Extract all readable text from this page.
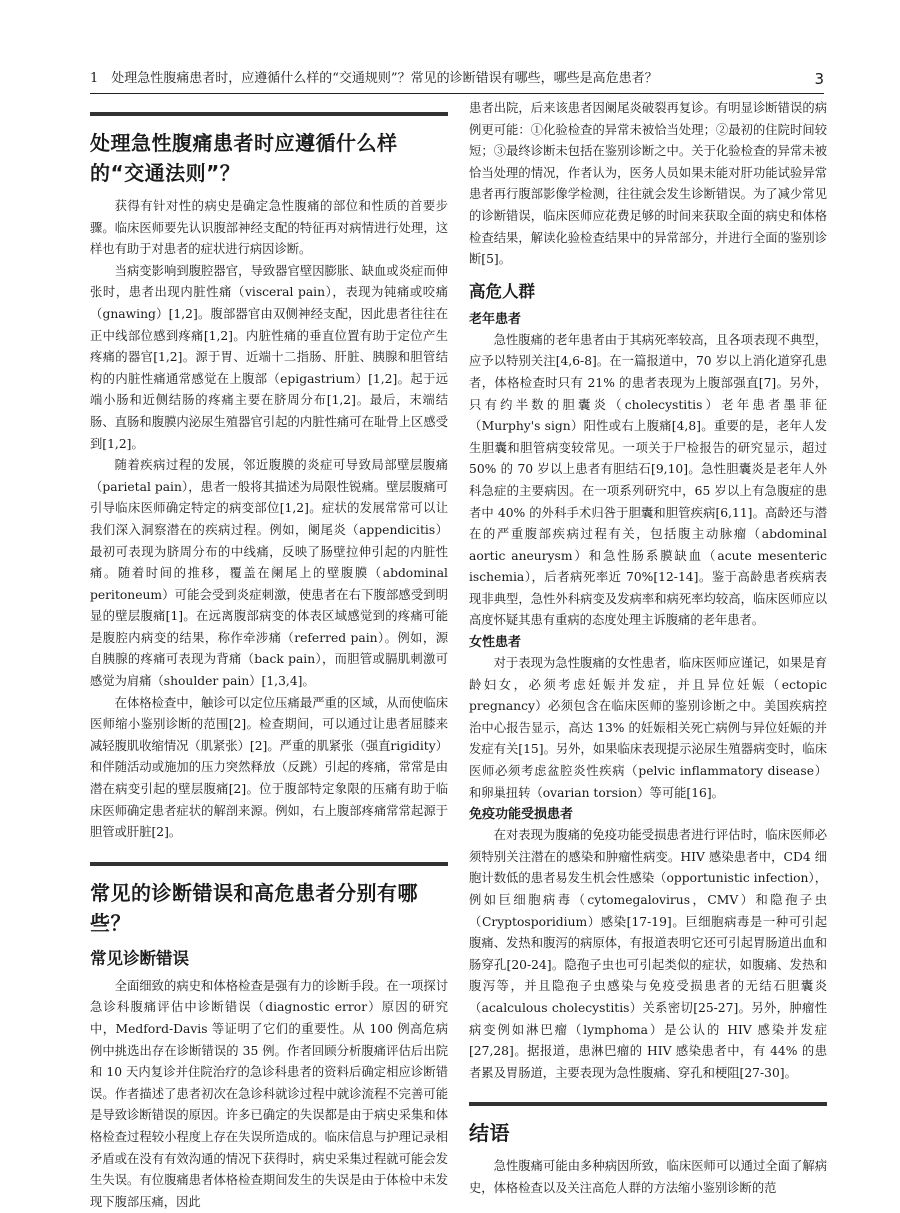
1　处理急性腹痛患者时，应遵循什么样的“交通规则”？常见的诊断错误有哪些，哪些是高危患者？	3
处理急性腹痛患者时应遵循什么样的“交通法则”？

获得有针对性的病史是确定急性腹痛的部位和性质的首要步骤。临床医师要先认识腹部神经支配的特征再对病情进行处理，这样也有助于对患者的症状进行病因诊断。

当病变影响到腹腔器官，导致器官壁因膨胀、缺血或炎症而伸张时，患者出现内脏性痛（visceral pain），表现为钝痛或咬痛（gnawing）[1,2]。腹部器官由双侧神经支配，因此患者往往在正中线部位感到疼痛[1,2]。内脏性痛的垂直位置有助于定位产生疼痛的器官[1,2]。源于胃、近端十二指肠、肝脏、胰腺和胆管结构的内脏性痛通常感觉在上腹部（epigastrium）[1,2]。起于远端小肠和近侧结肠的疼痛主要在脐周分布[1,2]。最后，末端结肠、直肠和腹膜内泌尿生殖器官引起的内脏性痛可在耻骨上区感受到[1,2]。

随着疾病过程的发展，邻近腹膜的炎症可导致局部壁层腹痛（parietal pain），患者一般将其描述为局限性锐痛。壁层腹痛可引导临床医师确定特定的病变部位[1,2]。症状的发展常常可以让我们深入洞察潜在的疾病过程。例如，阑尾炎（appendicitis）最初可表现为脐周分布的中线痛，反映了肠壁拉伸引起的内脏性痛。随着时间的推移，覆盖在阑尾上的壁腹膜（abdominal peritoneum）可能会受到炎症刺激，使患者在右下腹部感受到明显的壁层腹痛[1]。在远离腹部病变的体表区域感觉到的疼痛可能是腹腔内病变的结果，称作牵涉痛（referred pain）。例如，源自胰腺的疼痛可表现为背痛（back pain），而胆管或膈肌刺激可感觉为肩痛（shoulder pain）[1,3,4]。

在体格检查中，触诊可以定位压痛最严重的区域，从而使临床医师缩小鉴别诊断的范围[2]。检查期间，可以通过让患者屈膝来减轻腹肌收缩情况（肌紧张）[2]。严重的肌紧张（强直rigidity）和伴随活动或施加的压力突然释放（反跳）引起的疼痛，常常是由潜在病变引起的壁层腹痛[2]。位于腹部特定象限的压痛有助于临床医师确定患者症状的解剖来源。例如，右上腹部疼痛常常起源于胆管或肝脏[2]。

常见的诊断错误和高危患者分别有哪些？
常见诊断错误

全面细致的病史和体格检查是强有力的诊断手段。在一项探讨急诊科腹痛评估中诊断错误（diagnostic error）原因的研究中，Medford-Davis 等证明了它们的重要性。从 100 例高危病例中挑选出存在诊断错误的 35 例。作者回顾分析腹痛评估后出院和 10 天内复诊并住院治疗的急诊科患者的资料后确定相应诊断错误。作者描述了患者初次在急诊科就诊过程中就诊流程不完善可能是导致诊断错误的原因。许多已确定的失误都是由于病史采集和体格检查过程较小程度上存在失误所造成的。临床信息与护理记录相矛盾或在没有有效沟通的情况下获得时，病史采集过程就可能会发生失误。有位腹痛患者体格检查期间发生的失误是由于体检中未发现下腹部压痛，因此

患者出院，后来该患者因阑尾炎破裂再复诊。有明显诊断错误的病例更可能：①化验检查的异常未被恰当处理；②最初的住院时间较短；③最终诊断未包括在鉴别诊断之中。关于化验检查的异常未被恰当处理的情况，作者认为，医务人员如果未能对肝功能试验异常患者再行腹部影像学检测，往往就会发生诊断错误。为了减少常见的诊断错误，临床医师应花费足够的时间来获取全面的病史和体格检查结果，解读化验检查结果中的异常部分，并进行全面的鉴别诊断[5]。

高危人群
老年患者

急性腹痛的老年患者由于其病死率较高，且各项表现不典型，应予以特别关注[4,6-8]。在一篇报道中，70 岁以上消化道穿孔患者，体格检查时只有 21% 的患者表现为上腹部强直[7]。另外，只有约半数的胆囊炎（cholecystitis）老年患者墨菲征（Murphy's sign）阳性或右上腹痛[4,8]。重要的是，老年人发生胆囊和胆管病变较常见。一项关于尸检报告的研究显示，超过 50% 的 70 岁以上患者有胆结石[9,10]。急性胆囊炎是老年人外科急症的主要病因。在一项系列研究中，65 岁以上有急腹症的患者中 40% 的外科手术归咎于胆囊和胆管疾病[6,11]。高龄还与潜在的严重腹部疾病过程有关，包括腹主动脉瘤（abdominal aortic aneurysm）和急性肠系膜缺血（acute mesenteric ischemia），后者病死率近 70%[12-14]。鉴于高龄患者疾病表现非典型，急性外科病变及发病率和病死率均较高，临床医师应以高度怀疑其患有重病的态度处理主诉腹痛的老年患者。

女性患者

对于表现为急性腹痛的女性患者，临床医师应谨记，如果是育龄妇女，必须考虑妊娠并发症，并且异位妊娠（ectopic pregnancy）必须包含在临床医师的鉴别诊断之中。美国疾病控治中心报告显示，高达 13% 的妊娠相关死亡病例与异位妊娠的并发症有关[15]。另外，如果临床表现提示泌尿生殖器病变时，临床医师必须考虑盆腔炎性疾病（pelvic inflammatory disease）和卵巢扭转（ovarian torsion）等可能[16]。

免疫功能受损患者

在对表现为腹痛的免疫功能受损患者进行评估时，临床医师必须特别关注潜在的感染和肿瘤性病变。HIV 感染患者中，CD4 细胞计数低的患者易发生机会性感染（opportunistic infection），例如巨细胞病毒（cytomegalovirus，CMV）和隐孢子虫（Cryptosporidium）感染[17-19]。巨细胞病毒是一种可引起腹痛、发热和腹泻的病原体，有报道表明它还可引起胃肠道出血和肠穿孔[20-24]。隐孢子虫也可引起类似的症状，如腹痛、发热和腹泻等，并且隐孢子虫感染与免疫受损患者的无结石胆囊炎（acalculous cholecystitis）关系密切[25-27]。另外，肿瘤性病变例如淋巴瘤（lymphoma）是公认的 HIV 感染并发症[27,28]。据报道，患淋巴瘤的 HIV 感染患者中，有 44% 的患者累及胃肠道，主要表现为急性腹痛、穿孔和梗阻[27-30]。

结语

急性腹痛可能由多种病因所致，临床医师可以通过全面了解病史，体格检查以及关注高危人群的方法缩小鉴别诊断的范
